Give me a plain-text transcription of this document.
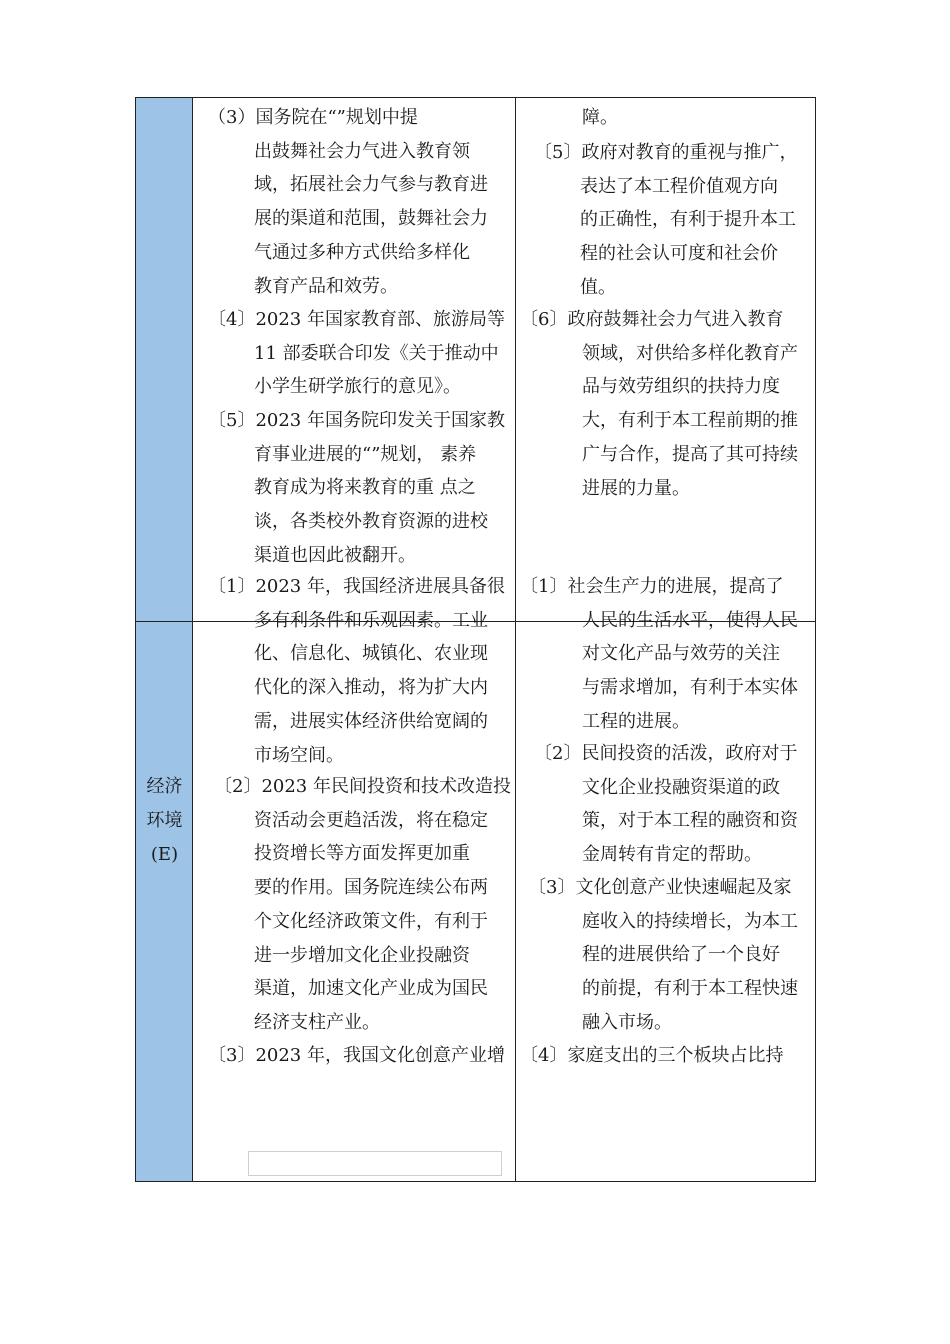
经济
环境
(E)
（3）国务院在“”规划中提
出鼓舞社会力气进入教育领
域，拓展社会力气参与教育进
展的渠道和范围，鼓舞社会力
气通过多种方式供给多样化
教育产品和效劳。
〔4〕2023 年国家教育部、旅游局等
11 部委联合印发《关于推动中
小学生研学旅行的意见》。
〔5〕2023 年国务院印发关于国家教
育事业进展的“”规划， 素养
教育成为将来教育的重 点之
谈，各类校外教育资源的进校
渠道也因此被翻开。
〔1〕2023 年，我国经济进展具备很
多有利条件和乐观因素。工业
化、信息化、城镇化、农业现
代化的深入推动，将为扩大内
需，进展实体经济供给宽阔的
市场空间。
〔2〕2023 年民间投资和技术改造投
资活动会更趋活泼，将在稳定
投资增长等方面发挥更加重
要的作用。国务院连续公布两
个文化经济政策文件，有利于
进一步增加文化企业投融资
渠道，加速文化产业成为国民
经济支柱产业。
〔3〕2023 年，我国文化创意产业增
障。
〔5〕政府对教育的重视与推广，
表达了本工程价值观方向
的正确性，有利于提升本工
程的社会认可度和社会价
值。
〔6〕政府鼓舞社会力气进入教育
领域，对供给多样化教育产
品与效劳组织的扶持力度
大，有利于本工程前期的推
广与合作，提高了其可持续
进展的力量。
〔1〕社会生产力的进展，提高了
人民的生活水平，使得人民
对文化产品与效劳的关注
与需求增加，有利于本实体
工程的进展。
〔2〕民间投资的活泼，政府对于
文化企业投融资渠道的政
策，对于本工程的融资和资
金周转有肯定的帮助。
〔3〕文化创意产业快速崛起及家
庭收入的持续增长，为本工
程的进展供给了一个良好
的前提，有利于本工程快速
融入市场。
〔4〕家庭支出的三个板块占比持
